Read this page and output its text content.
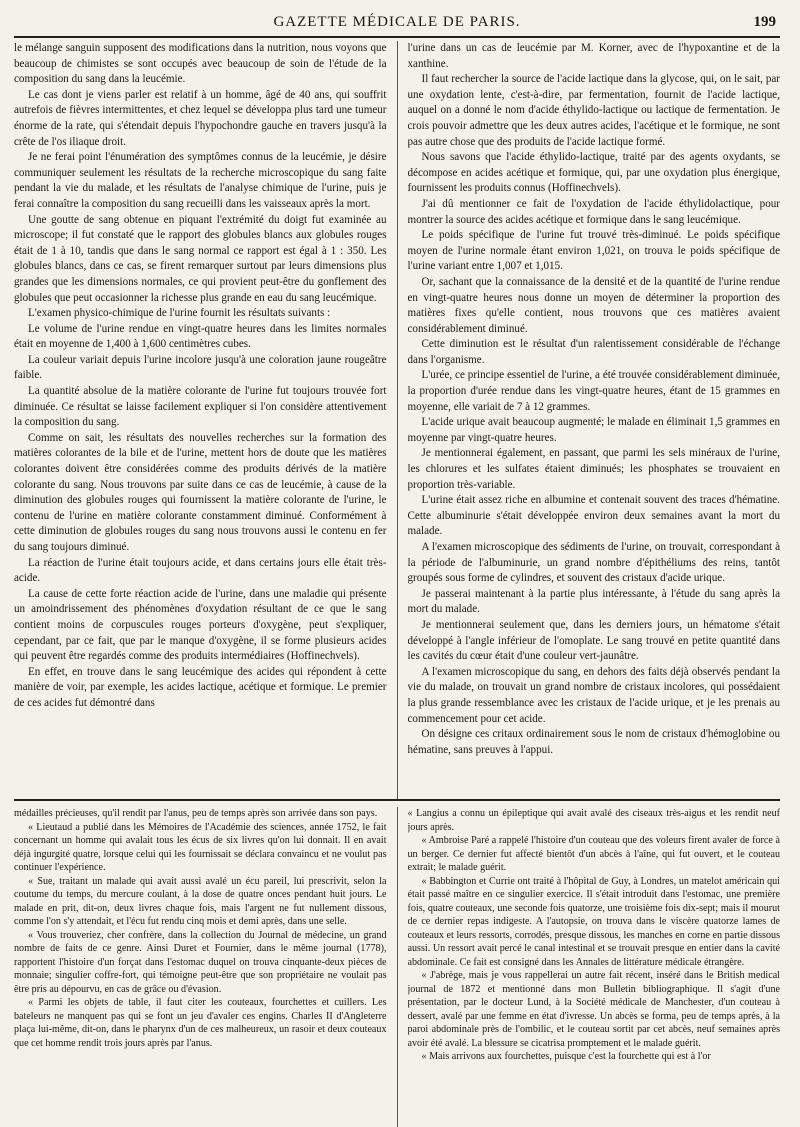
GAZETTE MÉDICALE DE PARIS.	199

le mélange sanguin supposent des modifications dans la nutrition, nous voyons que beaucoup de chimistes se sont occupés avec beaucoup de soin de l'étude de la composition du sang dans la leucémie.

Le cas dont je viens parler est relatif à un homme, âgé de 40 ans, qui souffrit autrefois de fièvres intermittentes, et chez lequel se développa plus tard une tumeur énorme de la rate, qui s'étendait depuis l'hypochondre gauche en travers jusqu'à la crête de l'os iliaque droit.

Je ne ferai point l'énumération des symptômes connus de la leucémie, je désire communiquer seulement les résultats de la recherche microscopique du sang faite pendant la vie du malade, et les résultats de l'analyse chimique de l'urine, puis je ferai connaître la composition du sang recueilli dans les vaisseaux après la mort.

Une goutte de sang obtenue en piquant l'extrémité du doigt fut examinée au microscope; il fut constaté que le rapport des globules blancs aux globules rouges était de 1 à 10, tandis que dans le sang normal ce rapport est égal à 1 : 350. Les globules blancs, dans ce cas, se firent remarquer surtout par leurs dimensions plus grandes que les dimensions normales, ce qui provient peut-être du gonflement des globules que peut occasionner la richesse plus grande en eau du sang leucémique.

L'examen physico-chimique de l'urine fournit les résultats suivants :

Le volume de l'urine rendue en vingt-quatre heures dans les limites normales était en moyenne de 1,400 à 1,600 centimètres cubes.

La couleur variait depuis l'urine incolore jusqu'à une coloration jaune rougeâtre faible.

La quantité absolue de la matière colorante de l'urine fut toujours trouvée fort diminuée. Ce résultat se laisse facilement expliquer si l'on considère attentivement la composition du sang.

Comme on sait, les résultats des nouvelles recherches sur la formation des matières colorantes de la bile et de l'urine, mettent hors de doute que les matières colorantes doivent être considérées comme des produits dérivés de la matière colorante du sang. Nous trouvons par suite dans ce cas de leucémie, à cause de la diminution des globules rouges qui fournissent la matière colorante de l'urine, le contenu de l'urine en matière colorante constamment diminué. Conformément à cette diminution de globules rouges du sang nous trouvons aussi le contenu en fer du sang toujours diminué.

La réaction de l'urine était toujours acide, et dans certains jours elle était très-acide.

La cause de cette forte réaction acide de l'urine, dans une maladie qui présente un amoindrissement des phénomènes d'oxydation résultant de ce que le sang contient moins de corpuscules rouges porteurs d'oxygène, peut s'expliquer, cependant, par ce fait, que par le manque d'oxygène, il se forme plusieurs acides qui peuvent être regardés comme des produits intermédiaires (Hoffinechvels).

En effet, en trouve dans le sang leucémique des acides qui répondent à cette manière de voir, par exemple, les acides lactique, acétique et formique. Le premier de ces acides fut démontré dans

l'urine dans un cas de leucémie par M. Korner, avec de l'hypoxantine et de la xanthine.

Il faut rechercher la source de l'acide lactique dans la glycose, qui, on le sait, par une oxydation lente, c'est-à-dire, par fermentation, fournit de l'acide lactique, auquel on a donné le nom d'acide éthylido-lactique ou lactique de fermentation. Je crois pouvoir admettre que les deux autres acides, l'acétique et le formique, ne sont pas autre chose que des produits de l'acide lactique formé.

Nous savons que l'acide éthylido-lactique, traité par des agents oxydants, se décompose en acides acétique et formique, qui, par une oxydation plus énergique, fournissent les produits connus (Hoffinechvels).

J'ai dû mentionner ce fait de l'oxydation de l'acide éthylidolactique, pour montrer la source des acides acétique et formique dans le sang leucémique.

Le poids spécifique de l'urine fut trouvé très-diminué. Le poids spécifique moyen de l'urine normale étant environ 1,021, on trouva le poids spécifique de l'urine variant entre 1,007 et 1,015.

Or, sachant que la connaissance de la densité et de la quantité de l'urine rendue en vingt-quatre heures nous donne un moyen de déterminer la proportion des matières fixes qu'elle contient, nous trouvons que ces matières avaient considérablement diminué.

Cette diminution est le résultat d'un ralentissement considérable de l'échange dans l'organisme.

L'urée, ce principe essentiel de l'urine, a été trouvée considérablement diminuée, la proportion d'urée rendue dans les vingt-quatre heures, étant de 15 grammes en moyenne, elle variait de 7 à 12 grammes.

L'acide urique avait beaucoup augmenté; le malade en éliminait 1,5 grammes en moyenne par vingt-quatre heures.

Je mentionnerai également, en passant, que parmi les sels minéraux de l'urine, les chlorures et les sulfates étaient diminués; les phosphates se trouvaient en proportion très-variable.

L'urine était assez riche en albumine et contenait souvent des traces d'hématine. Cette albuminurie s'était développée environ deux semaines avant la mort du malade.

A l'examen microscopique des sédiments de l'urine, on trouvait, correspondant à la période de l'albuminurie, un grand nombre d'épithéliums des reins, tantôt groupés sous forme de cylindres, et souvent des cristaux d'acide urique.

Je passerai maintenant à la partie plus intéressante, à l'étude du sang après la mort du malade.

Je mentionnerai seulement que, dans les derniers jours, un hématome s'était développé à l'angle inférieur de l'omoplate. Le sang trouvé en petite quantité dans les cavités du cœur était d'une couleur vert-jaunâtre.

A l'examen microscopique du sang, en dehors des faits déjà observés pendant la vie du malade, on trouvait un grand nombre de cristaux incolores, qui possédaient la plus grande ressemblance avec les cristaux de l'acide urique, et je les prenais au commencement pour cet acide.

On désigne ces critaux ordinairement sous le nom de cristaux d'hémoglobine ou hématine, sans preuves à l'appui.

médailles précieuses, qu'il rendit par l'anus, peu de temps après son arrivée dans son pays.

« Lieutaud a publié dans les Mémoires de l'Académie des sciences, année 1752, le fait concernant un homme qui avalait tous les écus de six livres qu'on lui donnait. Il en avait déjà ingurgité quatre, lorsque celui qui les fournissait se déclara convaincu et ne voulut pas continuer l'expérience.

« Sue, traitant un malade qui avait aussi avalé un écu pareil, lui prescrivit, selon la coutume du temps, du mercure coulant, à la dose de quatre onces pendant huit jours. Le malade en prit, dit-on, deux livres chaque fois, mais l'argent ne fut nullement dissous, comme l'on s'y attendait, et l'écu fut rendu cinq mois et demi après, dans une selle.

« Vous trouveriez, cher confrère, dans la collection du Journal de médecine, un grand nombre de faits de ce genre. Ainsi Duret et Fournier, dans le même journal (1778), rapportent l'histoire d'un forçat dans l'estomac duquel on trouva cinquante-deux pièces de monnaie; singulier coffre-fort, qui témoigne peut-être que son propriétaire ne voulait pas être pris au dépourvu, en cas de grâce ou d'évasion.

« Parmi les objets de table, il faut citer les couteaux, fourchettes et cuillers. Les bateleurs ne manquent pas qui se font un jeu d'avaler ces engins. Charles II d'Angleterre plaça lui-même, dit-on, dans le pharynx d'un de ces malheureux, un rasoir et deux couteaux que cet homme rendit trois jours après par l'anus.

« Langius a connu un épileptique qui avait avalé des ciseaux très-aigus et les rendit neuf jours après.

« Ambroise Paré a rappelé l'histoire d'un couteau que des voleurs firent avaler de force à un berger. Ce dernier fut affecté bientôt d'un abcès à l'aîne, qui fut ouvert, et le couteau extrait; le malade guérit.

« Babbington et Currie ont traité à l'hôpital de Guy, à Londres, un matelot américain qui était passé maître en ce singulier exercice. Il s'était introduit dans l'estomac, une première fois, quatre couteaux, une seconde fois quatorze, une troisième fois dix-sept; mais il mourut de ce dernier repas indigeste. A l'autopsie, on trouva dans le viscère quatorze lames de couteaux et leurs ressorts, corrodés, presque dissous, les manches en corne en partie dissous aussi. Un ressort avait percé le canal intestinal et se trouvait presque en entier dans la cavité abdominale. Ce fait est consigné dans les Annales de littérature médicale étrangère.

« J'abrège, mais je vous rappellerai un autre fait récent, inséré dans le British medical journal de 1872 et mentionné dans mon Bulletin bibliographique. Il s'agit d'une présentation, par le docteur Lund, à la Société médicale de Manchester, d'un couteau à dessert, avalé par une femme en état d'ivresse. Un abcès se forma, peu de temps après, à la paroi abdominale près de l'ombilic, et le couteau sortit par cet abcès, neuf semaines après avoir été avalé. La blessure se cicatrisa promptement et le malade guérit.

« Mais arrivons aux fourchettes, puisque c'est la fourchette qui est à l'or
